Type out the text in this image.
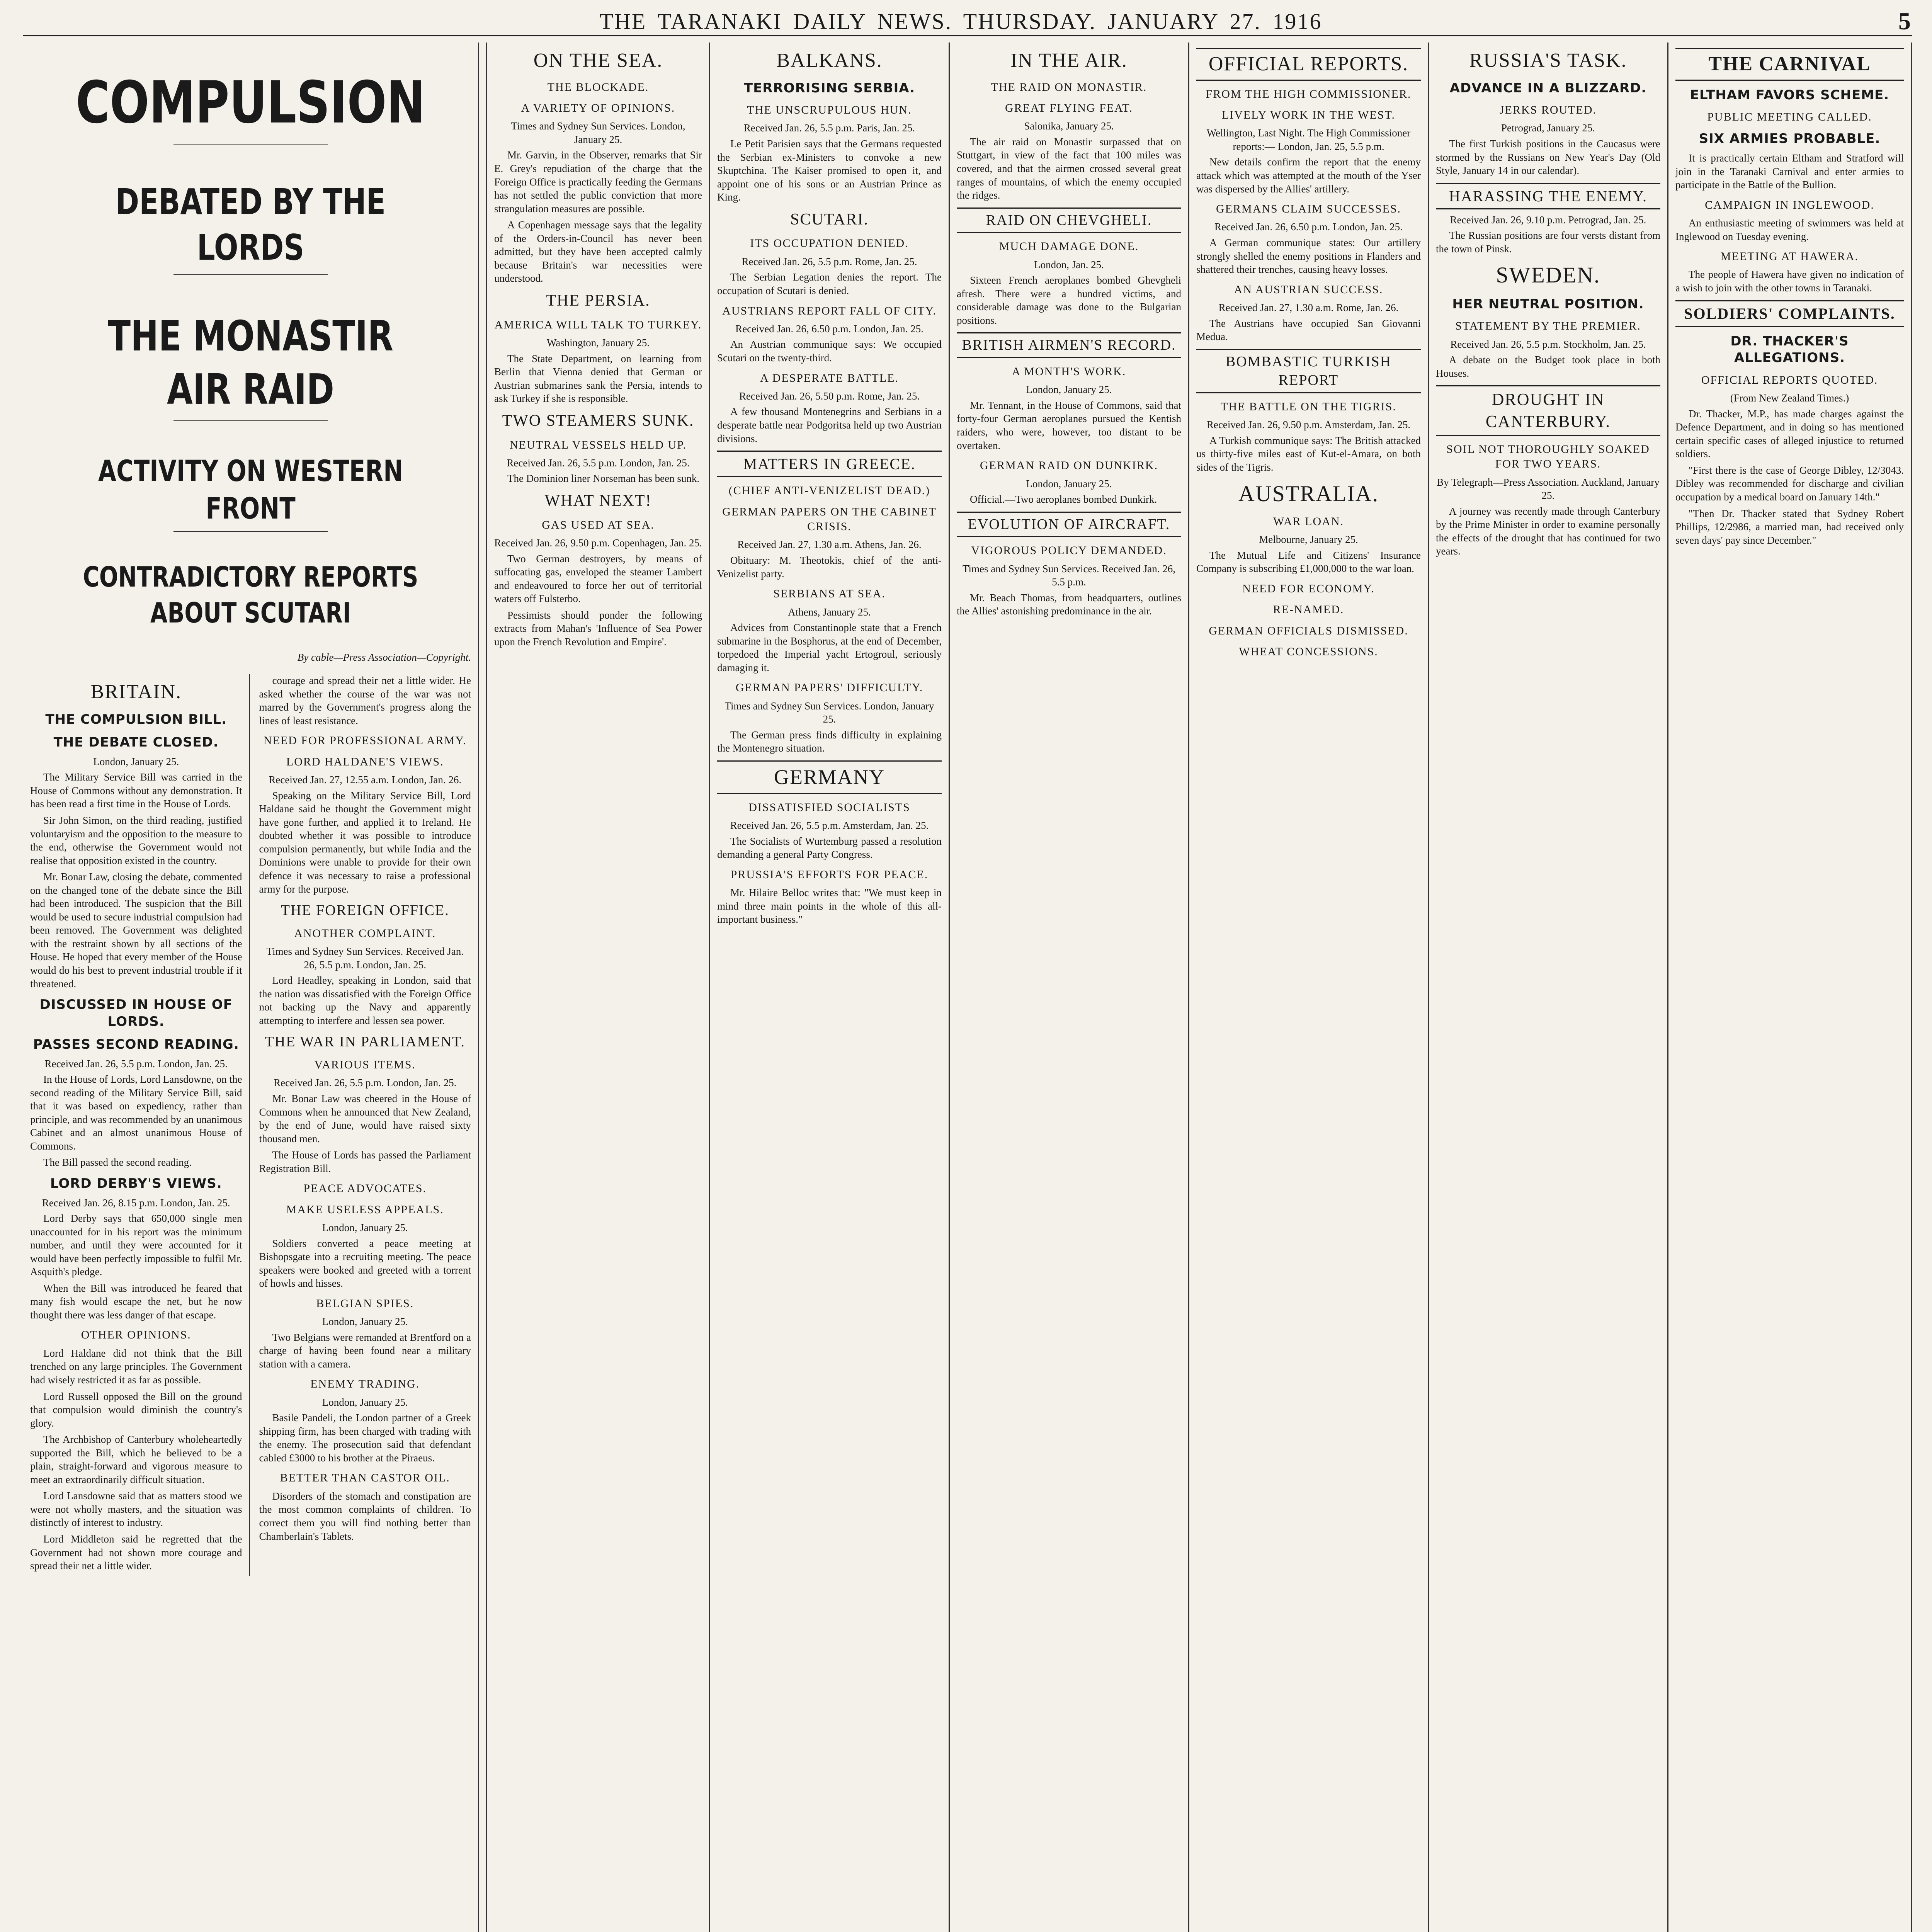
THE TARANAKI DAILY NEWS. THURSDAY. JANUARY 27. 1916	5
COMPULSION
DEBATED BY THE LORDS
THE MONASTIR AIR RAID
ACTIVITY ON WESTERN FRONT
CONTRADICTORY REPORTS ABOUT SCUTARI
By cable—Press Association—Copyright.
BRITAIN.
THE COMPULSION BILL.
THE DEBATE CLOSED.
London, January 25.

The Military Service Bill was carried in the House of Commons without any demonstration. It has been read a first time in the House of Lords.

Sir John Simon, on the third reading, justified voluntaryism and the opposition to the measure to the end, otherwise the Government would not realise that opposition existed in the country.

Mr. Bonar Law, closing the debate, commented on the changed tone of the debate since the Bill had been introduced. The suspicion that the Bill would be used to secure industrial compulsion had been removed. The Government was delighted with the restraint shown by all sections of the House. He hoped that every member of the House would do his best to prevent industrial trouble if it threatened.

DISCUSSED IN HOUSE OF LORDS.
PASSES SECOND READING.
Received Jan. 26, 5.5 p.m. London, Jan. 25.

In the House of Lords, Lord Lansdowne, on the second reading of the Military Service Bill, said that it was based on expediency, rather than principle, and was recommended by an unanimous Cabinet and an almost unanimous House of Commons.

The Bill passed the second reading.

LORD DERBY'S VIEWS.
Received Jan. 26, 8.15 p.m. London, Jan. 25.

Lord Derby says that 650,000 single men unaccounted for in his report was the minimum number, and until they were accounted for it would have been perfectly impossible to fulfil Mr. Asquith's pledge.

When the Bill was introduced he feared that many fish would escape the net, but he now thought there was less danger of that escape.

OTHER OPINIONS.

Lord Haldane did not think that the Bill trenched on any large principles. The Government had wisely restricted it as far as possible.

Lord Russell opposed the Bill on the ground that compulsion would diminish the country's glory.

The Archbishop of Canterbury wholeheartedly supported the Bill, which he believed to be a plain, straight-forward and vigorous measure to meet an extraordinarily difficult situation.

Lord Lansdowne said that as matters stood we were not wholly masters, and the situation was distinctly of interest to industry.

Lord Middleton said he regretted that the Government had not shown more courage and spread their net a little wider.

courage and spread their net a little wider. He asked whether the course of the war was not marred by the Government's progress along the lines of least resistance.

NEED FOR PROFESSIONAL ARMY.
LORD HALDANE'S VIEWS.
Received Jan. 27, 12.55 a.m. London, Jan. 26.

Speaking on the Military Service Bill, Lord Haldane said he thought the Government might have gone further, and applied it to Ireland. He doubted whether it was possible to introduce compulsion permanently, but while India and the Dominions were unable to provide for their own defence it was necessary to raise a professional army for the purpose.

THE FOREIGN OFFICE.
ANOTHER COMPLAINT.
Times and Sydney Sun Services. Received Jan. 26, 5.5 p.m. London, Jan. 25.

Lord Headley, speaking in London, said that the nation was dissatisfied with the Foreign Office not backing up the Navy and apparently attempting to interfere and lessen sea power.

THE WAR IN PARLIAMENT.
VARIOUS ITEMS.
Received Jan. 26, 5.5 p.m. London, Jan. 25.

Mr. Bonar Law was cheered in the House of Commons when he announced that New Zealand, by the end of June, would have raised sixty thousand men.

The House of Lords has passed the Parliament Registration Bill.

PEACE ADVOCATES.
MAKE USELESS APPEALS.
London, January 25.

Soldiers converted a peace meeting at Bishopsgate into a recruiting meeting. The peace speakers were booked and greeted with a torrent of howls and hisses.

BELGIAN SPIES.
London, January 25.

Two Belgians were remanded at Brentford on a charge of having been found near a military station with a camera.

ENEMY TRADING.
London, January 25.

Basile Pandeli, the London partner of a Greek shipping firm, has been charged with trading with the enemy. The prosecution said that defendant cabled £3000 to his brother at the Piraeus.

BETTER THAN CASTOR OIL.

Disorders of the stomach and constipation are the most common complaints of children. To correct them you will find nothing better than Chamberlain's Tablets.

ON THE SEA.
THE BLOCKADE.
A VARIETY OF OPINIONS.
Times and Sydney Sun Services. London, January 25.

Mr. Garvin, in the Observer, remarks that Sir E. Grey's repudiation of the charge that the Foreign Office is practically feeding the Germans has not settled the public conviction that more strangulation measures are possible.

A Copenhagen message says that the legality of the Orders-in-Council has never been admitted, but they have been accepted calmly because Britain's war necessities were understood.

THE PERSIA.
AMERICA WILL TALK TO TURKEY.
Washington, January 25.

The State Department, on learning from Berlin that Vienna denied that German or Austrian submarines sank the Persia, intends to ask Turkey if she is responsible.

TWO STEAMERS SUNK.
NEUTRAL VESSELS HELD UP.
Received Jan. 26, 5.5 p.m. London, Jan. 25.

The Dominion liner Norseman has been sunk.

WHAT NEXT!
GAS USED AT SEA.
Received Jan. 26, 9.50 p.m. Copenhagen, Jan. 25.

Two German destroyers, by means of suffocating gas, enveloped the steamer Lambert and endeavoured to force her out of territorial waters off Fulsterbo.

Pessimists should ponder the following extracts from Mahan's 'Influence of Sea Power upon the French Revolution and Empire'.

BALKANS.
TERRORISING SERBIA.
THE UNSCRUPULOUS HUN.
Received Jan. 26, 5.5 p.m. Paris, Jan. 25.

Le Petit Parisien says that the Germans requested the Serbian ex-Ministers to convoke a new Skuptchina. The Kaiser promised to open it, and appoint one of his sons or an Austrian Prince as King.

SCUTARI.
ITS OCCUPATION DENIED.
Received Jan. 26, 5.5 p.m. Rome, Jan. 25.

The Serbian Legation denies the report. The occupation of Scutari is denied.

AUSTRIANS REPORT FALL OF CITY.
Received Jan. 26, 6.50 p.m. London, Jan. 25.

An Austrian communique says: We occupied Scutari on the twenty-third.

A DESPERATE BATTLE.
Received Jan. 26, 5.50 p.m. Rome, Jan. 25.

A few thousand Montenegrins and Serbians in a desperate battle near Podgoritsa held up two Austrian divisions.

MATTERS IN GREECE.
(CHIEF ANTI-VENIZELIST DEAD.)
GERMAN PAPERS ON THE CABINET CRISIS.
Received Jan. 27, 1.30 a.m. Athens, Jan. 26.

Obituary: M. Theotokis, chief of the anti-Venizelist party.

SERBIANS AT SEA.
Athens, January 25.

Advices from Constantinople state that a French submarine in the Bosphorus, at the end of December, torpedoed the Imperial yacht Ertogroul, seriously damaging it.

GERMAN PAPERS' DIFFICULTY.
Times and Sydney Sun Services. London, January 25.

The German press finds difficulty in explaining the Montenegro situation.

GERMANY
DISSATISFIED SOCIALISTS
Received Jan. 26, 5.5 p.m. Amsterdam, Jan. 25.

The Socialists of Wurtemburg passed a resolution demanding a general Party Congress.

PRUSSIA'S EFFORTS FOR PEACE.

Mr. Hilaire Belloc writes that: "We must keep in mind three main points in the whole of this all-important business."

IN THE AIR.
THE RAID ON MONASTIR.
GREAT FLYING FEAT.
Salonika, January 25.

The air raid on Monastir surpassed that on Stuttgart, in view of the fact that 100 miles was covered, and that the airmen crossed several great ranges of mountains, of which the enemy occupied the ridges.

RAID ON CHEVGHELI.
MUCH DAMAGE DONE.
London, Jan. 25.

Sixteen French aeroplanes bombed Ghevgheli afresh. There were a hundred victims, and considerable damage was done to the Bulgarian positions.

BRITISH AIRMEN'S RECORD.
A MONTH'S WORK.
London, January 25.

Mr. Tennant, in the House of Commons, said that forty-four German aeroplanes pursued the Kentish raiders, who were, however, too distant to be overtaken.

GERMAN RAID ON DUNKIRK.
London, January 25.

Official.—Two aeroplanes bombed Dunkirk.

EVOLUTION OF AIRCRAFT.
VIGOROUS POLICY DEMANDED.
Times and Sydney Sun Services. Received Jan. 26, 5.5 p.m.

Mr. Beach Thomas, from headquarters, outlines the Allies' astonishing predominance in the air.

OFFICIAL REPORTS.
FROM THE HIGH COMMISSIONER.
LIVELY WORK IN THE WEST.
Wellington, Last Night. The High Commissioner reports:— London, Jan. 25, 5.5 p.m.

New details confirm the report that the enemy attack which was attempted at the mouth of the Yser was dispersed by the Allies' artillery.

GERMANS CLAIM SUCCESSES.
Received Jan. 26, 6.50 p.m. London, Jan. 25.

A German communique states: Our artillery strongly shelled the enemy positions in Flanders and shattered their trenches, causing heavy losses.

AN AUSTRIAN SUCCESS.
Received Jan. 27, 1.30 a.m. Rome, Jan. 26.

The Austrians have occupied San Giovanni Medua.

BOMBASTIC TURKISH REPORT
THE BATTLE ON THE TIGRIS.
Received Jan. 26, 9.50 p.m. Amsterdam, Jan. 25.

A Turkish communique says: The British attacked us thirty-five miles east of Kut-el-Amara, on both sides of the Tigris.

AUSTRALIA.
WAR LOAN.
Melbourne, January 25.

The Mutual Life and Citizens' Insurance Company is subscribing £1,000,000 to the war loan.

NEED FOR ECONOMY.
RE-NAMED.
GERMAN OFFICIALS DISMISSED.
WHEAT CONCESSIONS.

RUSSIA'S TASK.
ADVANCE IN A BLIZZARD.
JERKS ROUTED.
Petrograd, January 25.

The first Turkish positions in the Caucasus were stormed by the Russians on New Year's Day (Old Style, January 14 in our calendar).

HARASSING THE ENEMY.
Received Jan. 26, 9.10 p.m. Petrograd, Jan. 25.

The Russian positions are four versts distant from the town of Pinsk.

SWEDEN.
HER NEUTRAL POSITION.
STATEMENT BY THE PREMIER.
Received Jan. 26, 5.5 p.m. Stockholm, Jan. 25.

A debate on the Budget took place in both Houses.

DROUGHT IN CANTERBURY.
SOIL NOT THOROUGHLY SOAKED FOR TWO YEARS.
By Telegraph—Press Association. Auckland, January 25.

A journey was recently made through Canterbury by the Prime Minister in order to examine personally the effects of the drought that has continued for two years.

THE CARNIVAL
ELTHAM FAVORS SCHEME.
PUBLIC MEETING CALLED.
SIX ARMIES PROBABLE.

It is practically certain Eltham and Stratford will join in the Taranaki Carnival and enter armies to participate in the Battle of the Bullion.

CAMPAIGN IN INGLEWOOD.

An enthusiastic meeting of swimmers was held at Inglewood on Tuesday evening.

MEETING AT HAWERA.

The people of Hawera have given no indication of a wish to join with the other towns in Taranaki.

SOLDIERS' COMPLAINTS.
DR. THACKER'S ALLEGATIONS.
OFFICIAL REPORTS QUOTED.
(From New Zealand Times.)

Dr. Thacker, M.P., has made charges against the Defence Department, and in doing so has mentioned certain specific cases of alleged injustice to returned soldiers.

"First there is the case of George Dibley, 12/3043. Dibley was recommended for discharge and civilian occupation by a medical board on January 14th."

"Then Dr. Thacker stated that Sydney Robert Phillips, 12/2986, a married man, had received only seven days' pay since December."
